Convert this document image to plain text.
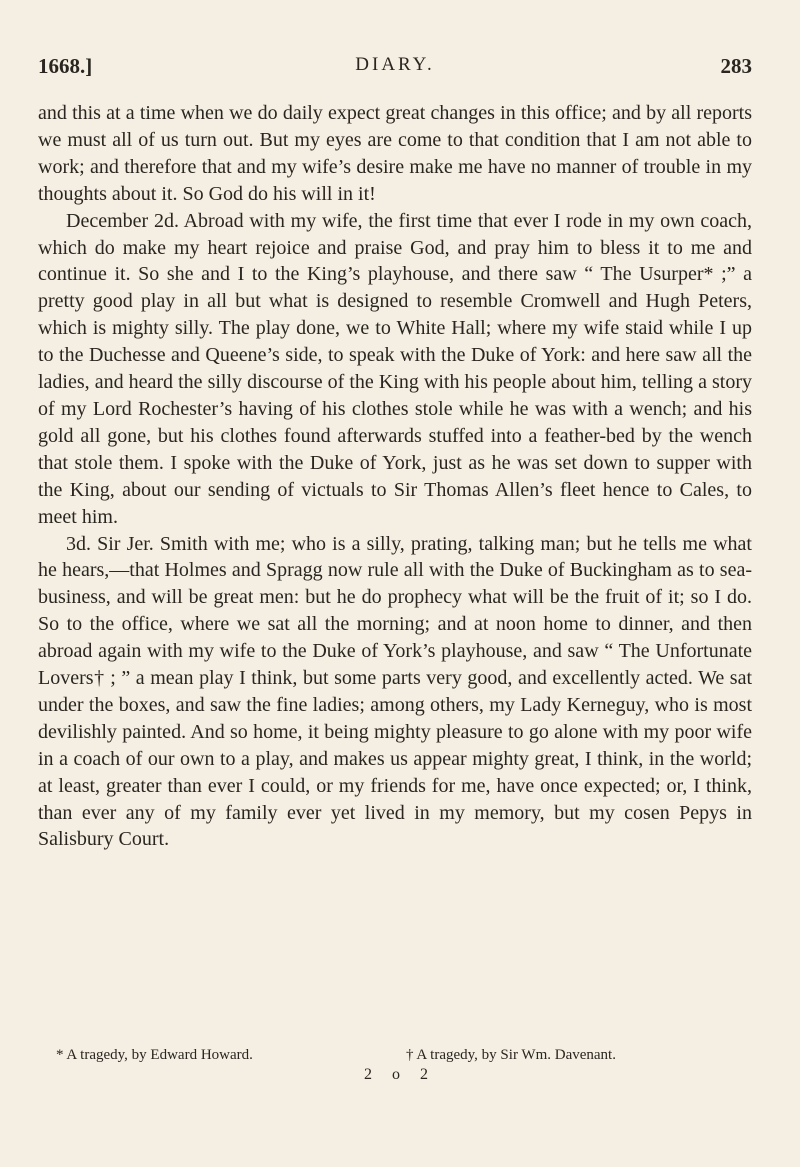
1668.]	DIARY.	283

and this at a time when we do daily expect great changes in this office; and by all reports we must all of us turn out. But my eyes are come to that condition that I am not able to work; and therefore that and my wife’s desire make me have no manner of trouble in my thoughts about it. So God do his will in it!

December 2d. Abroad with my wife, the first time that ever I rode in my own coach, which do make my heart rejoice and praise God, and pray him to bless it to me and continue it. So she and I to the King’s playhouse, and there saw “ The Usurper* ;” a pretty good play in all but what is designed to resemble Cromwell and Hugh Peters, which is mighty silly. The play done, we to White Hall; where my wife staid while I up to the Duchesse and Queene’s side, to speak with the Duke of York: and here saw all the ladies, and heard the silly discourse of the King with his people about him, telling a story of my Lord Rochester’s having of his clothes stole while he was with a wench; and his gold all gone, but his clothes found afterwards stuffed into a feather-bed by the wench that stole them. I spoke with the Duke of York, just as he was set down to supper with the King, about our sending of victuals to Sir Thomas Allen’s fleet hence to Cales, to meet him.

3d. Sir Jer. Smith with me; who is a silly, prating, talking man; but he tells me what he hears,—that Holmes and Spragg now rule all with the Duke of Buckingham as to sea-business, and will be great men: but he do prophecy what will be the fruit of it; so I do. So to the office, where we sat all the morning; and at noon home to dinner, and then abroad again with my wife to the Duke of York’s playhouse, and saw “ The Unfortunate Lovers† ; ” a mean play I think, but some parts very good, and excellently acted. We sat under the boxes, and saw the fine ladies; among others, my Lady Kerneguy, who is most devilishly painted. And so home, it being mighty pleasure to go alone with my poor wife in a coach of our own to a play, and makes us appear mighty great, I think, in the world; at least, greater than ever I could, or my friends for me, have once expected; or, I think, than ever any of my family ever yet lived in my memory, but my cosen Pepys in Salisbury Court.

* A tragedy, by Edward Howard.	† A tragedy, by Sir Wm. Davenant.
2 o 2
